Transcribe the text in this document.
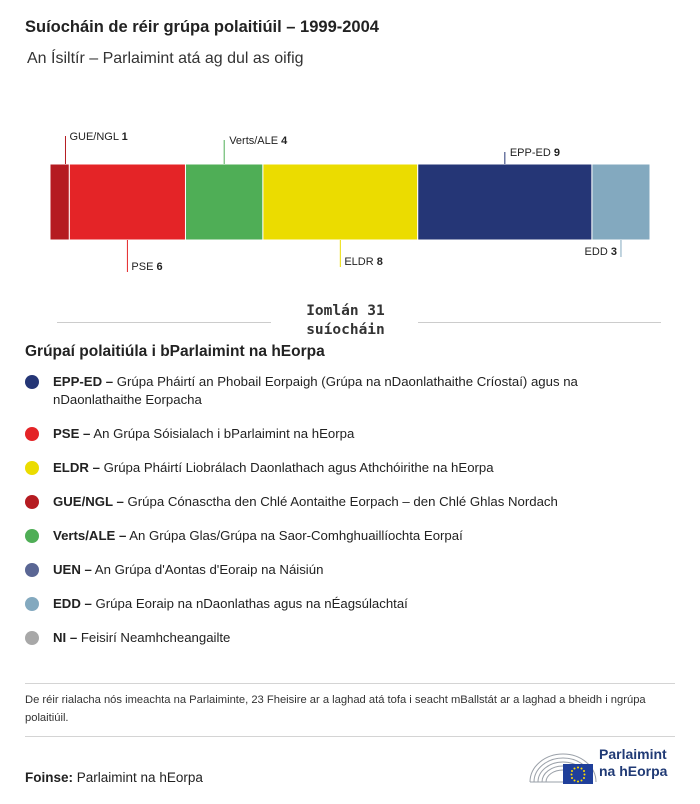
Suíocháin de réir grúpa polaitiúil – 1999-2004
An Ísiltír – Parlaimint atá ag dul as oifig
GUE/NGL 1
PSE 6
Verts/ALE 4
ELDR 8
EPP-ED 9
EDD 3
Iomlán 31
suíocháin
Grúpaí polaitiúla i bParlaimint na hEorpa
EPP-ED – Grúpa Pháirtí an Phobail Eorpaigh (Grúpa na nDaonlathaithe Críostaí) agus na nDaonlathaithe Eorpacha
PSE – An Grúpa Sóisialach i bParlaimint na hEorpa
ELDR – Grúpa Pháirtí Liobrálach Daonlathach agus Athchóirithe na hEorpa
GUE/NGL – Grúpa Cónasctha den Chlé Aontaithe Eorpach – den Chlé Ghlas Nordach
Verts/ALE – An Grúpa Glas/Grúpa na Saor-Comhghuaillíochta Eorpaí
UEN – An Grúpa d'Aontas d'Eoraip na Náisiún
EDD – Grúpa Eoraip na nDaonlathas agus na nÉagsúlachtaí
NI – Feisirí Neamhcheangailte
De réir rialacha nós imeachta na Parlaiminte, 23 Fheisire ar a laghad atá tofa i seacht mBallstát ar a laghad a bheidh i ngrúpa polaitiúil.
Foinse: Parlaimint na hEorpa
Parlaimint
na hEorpa
